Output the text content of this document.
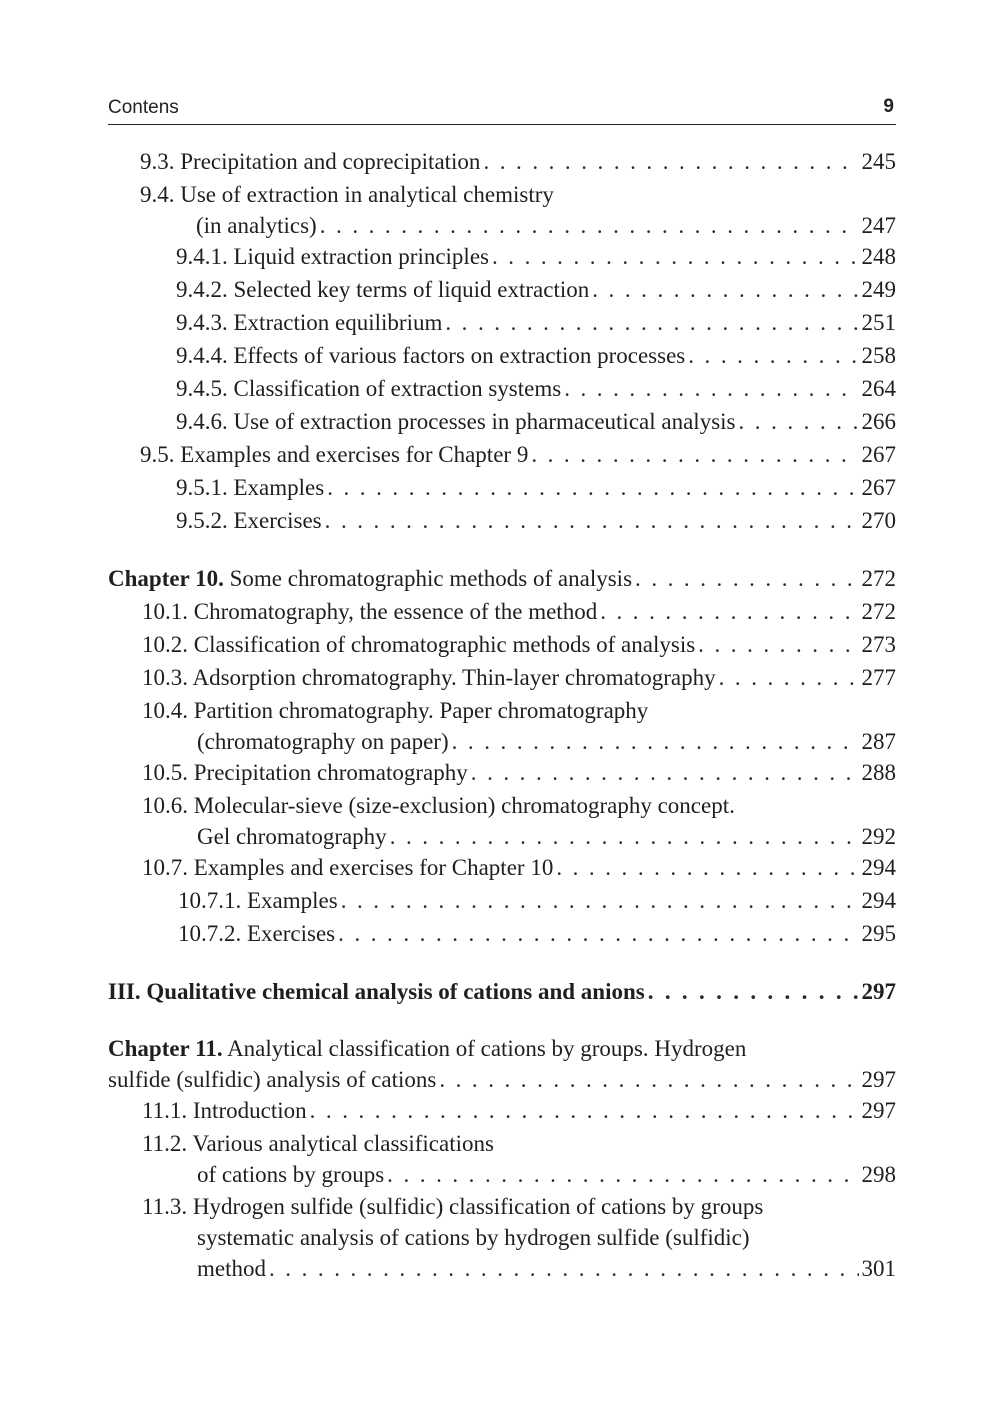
Contens	9
9.3. Precipitation and coprecipitation . . .	245
9.4. Use of extraction in analytical chemistry
(in analytics) . . .	247
9.4.1. Liquid extraction principles . . .	248
9.4.2. Selected key terms of liquid extraction . . .	249
9.4.3. Extraction equilibrium . . .	251
9.4.4. Effects of various factors on extraction processes . . .	258
9.4.5. Classification of extraction systems . . .	264
9.4.6. Use of extraction processes in pharmaceutical analysis . . .	266
9.5. Examples and exercises for Chapter 9 . . .	267
9.5.1. Examples . . .	267
9.5.2. Exercises . . .	270
Chapter 10. Some chromatographic methods of analysis . . .	272
10.1. Chromatography, the essence of the method . . .	272
10.2. Classification of chromatographic methods of analysis . . .	273
10.3. Adsorption chromatography. Thin-layer chromatography . . .	277
10.4. Partition chromatography. Paper chromatography
(chromatography on paper) . . .	287
10.5. Precipitation chromatography . . .	288
10.6. Molecular-sieve (size-exclusion) chromatography concept.
Gel chromatography . . .	292
10.7. Examples and exercises for Chapter 10 . . .	294
10.7.1. Examples . . .	294
10.7.2. Exercises . . .	295
III. Qualitative chemical analysis of cations and anions . . .	297
Chapter 11. Analytical classification of cations by groups. Hydrogen
sulfide (sulfidic) analysis of cations . . .	297
11.1. Introduction . . .	297
11.2. Various analytical classifications
of cations by groups . . .	298
11.3. Hydrogen sulfide (sulfidic) classification of cations by groups
systematic analysis of cations by hydrogen sulfide (sulfidic)
method . . .	301
